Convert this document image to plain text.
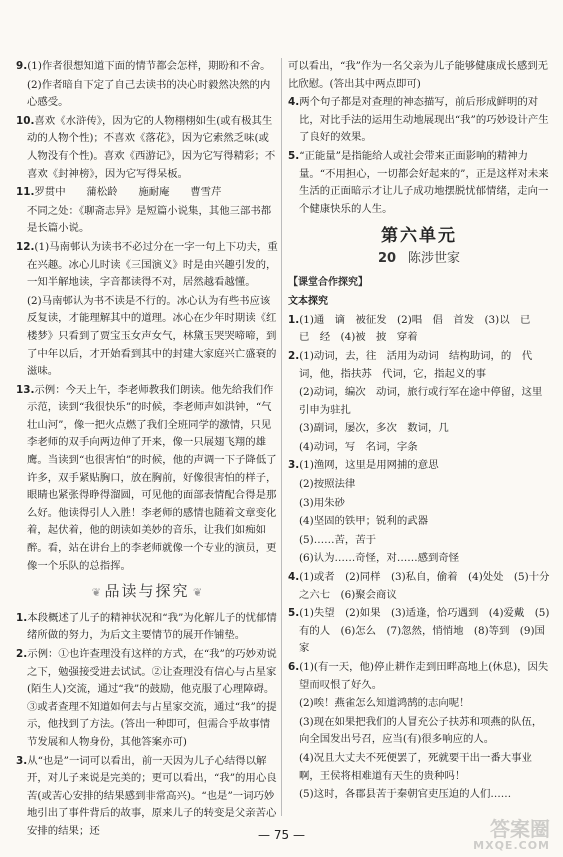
9.(1)作者很想知道下面的情节都会怎样，期盼和不舍。
(2)作者暗自下定了自己去读书的决心时毅然决然的内心感受。
10.喜欢《水浒传》，因为它的人物栩栩如生(或有极其生动的人物个性)；不喜欢《落花》，因为它索然乏味(或人物没有个性)。喜欢《西游记》，因为它写得精彩；不喜欢《封神榜》，因为它写得呆板。
11.罗贯中　　蒲松龄　　施耐庵　　曹雪芹
不同之处：《聊斋志异》是短篇小说集，其他三部书都是长篇小说。
12.(1)马南邨认为读书不必过分在一字一句上下功夫，重在兴趣。冰心儿时读《三国演义》时是由兴趣引发的，一知半解地读，字音都读得不对，居然越看越懂。
(2)马南邨认为书不读是不行的。冰心认为有些书应该反复读，才能理解其中的道理。冰心在少年时期读《红楼梦》只看到了贾宝玉女声女气，林黛玉哭哭啼啼，到了中年以后，才开始看到其中的封建大家庭兴亡盛衰的滋味。
13.示例：今天上午，李老师教我们朗读。他先给我们作示范，读到“我很快乐”的时候，李老师声如洪钟，“气壮山河”，像一把火点燃了我们全班同学的激情，只见李老师的双手向两边伸了开来，像一只展翅飞翔的雄鹰。当读到“也很害怕”的时候，他的声调一下子降低了许多，双手紧贴胸口，放在胸前，好像很害怕的样子，眼睛也紧张得睁得溜圆，可见他的面部表情配合得是那么好。他读得引人入胜！李老师的感情也随着文章变化着，起伏着，他的朗读如美妙的音乐，让我们如痴如醉。看，站在讲台上的李老师就像一个专业的演员，更像一个乐队的总指挥。
❦ 品读与探究 ❦
1.本段概述了儿子的精神状况和“我”为化解儿子的忧郁情绪所做的努力，为后文主要情节的展开作铺垫。
2.示例：①也许查理没有这样的方式，在“我”的巧妙劝说之下，勉强接受进去试试。②让查理没有信心与占星家(陌生人)交流，通过“我”的鼓励，他克服了心理障碍。③或者查理不知道如何去与占星家交流，通过“我”的提示，他找到了方法。(答出一种即可，但需合乎故事情节发展和人物身份，其他答案亦可)
3.从“也是”一词可以看出，前一天因为儿子心结得以解开，对儿子来说是完美的；更可以看出，“我”的用心良苦(或苦心安排的结果感到非常高兴)。“也是”一词巧妙地引出了事件背后的故事，原来儿子的转变是父亲苦心安排的结果；还
可以看出，“我”作为一名父亲为儿子能够健康成长感到无比欣慰。(答出其中两点即可)
4.两个句子都是对查理的神态描写，前后形成鲜明的对比，对比手法的运用生动地展现出“我”的巧妙设计产生了良好的效果。
5.“正能量”是指能给人或社会带来正面影响的精神力量。“不用担心，一切都会好起来的”，正是这样对未来生活的正面暗示才让儿子成功地摆脱忧郁情绪，走向一个健康快乐的人生。
第六单元
20 陈涉世家
【课堂合作探究】
文本探究
1.(1)通　谪　被征发　(2)唱　倡　首发　(3)以　已　已　经　(4)被　披　穿着
2.(1)动词，去，往　活用为动词　结构助词，的　代词，他，指扶苏　代词，它，指起义的事
(2)动词，编次　动词，旅行或行军在途中停留，这里引申为驻扎
(3)副词，屡次，多次　数词，几
(4)动词，写　名词，字条
3.(1)渔网，这里是用网捕的意思
(2)按照法律
(3)用朱砂
(4)坚固的铁甲；锐利的武器
(5)……苦，苦于
(6)认为……奇怪，对……感到奇怪
4.(1)或者　(2)同样　(3)私自，偷着　(4)处处　(5)十分之六七　(6)聚会商议
5.(1)失望　(2)如果　(3)适逢，恰巧遇到　(4)爱戴　(5)有的人　(6)怎么　(7)忽然，悄悄地　(8)等到　(9)国家
6.(1)(有一天，他)停止耕作走到田畔高地上(休息)，因失望而叹恨了好久。
(2)唉！燕雀怎么知道鸿鹄的志向呢！
(3)现在如果把我们的人冒充公子扶苏和项燕的队伍，向全国发出号召，应当(有)很多响应的人。
(4)况且大丈夫不死便罢了，死就要干出一番大事业啊，王侯将相难道有天生的贵种吗！
(5)这时，各郡县苦于秦朝官吏压迫的人们……
— 75 —	答案圈
MXQE.COM
